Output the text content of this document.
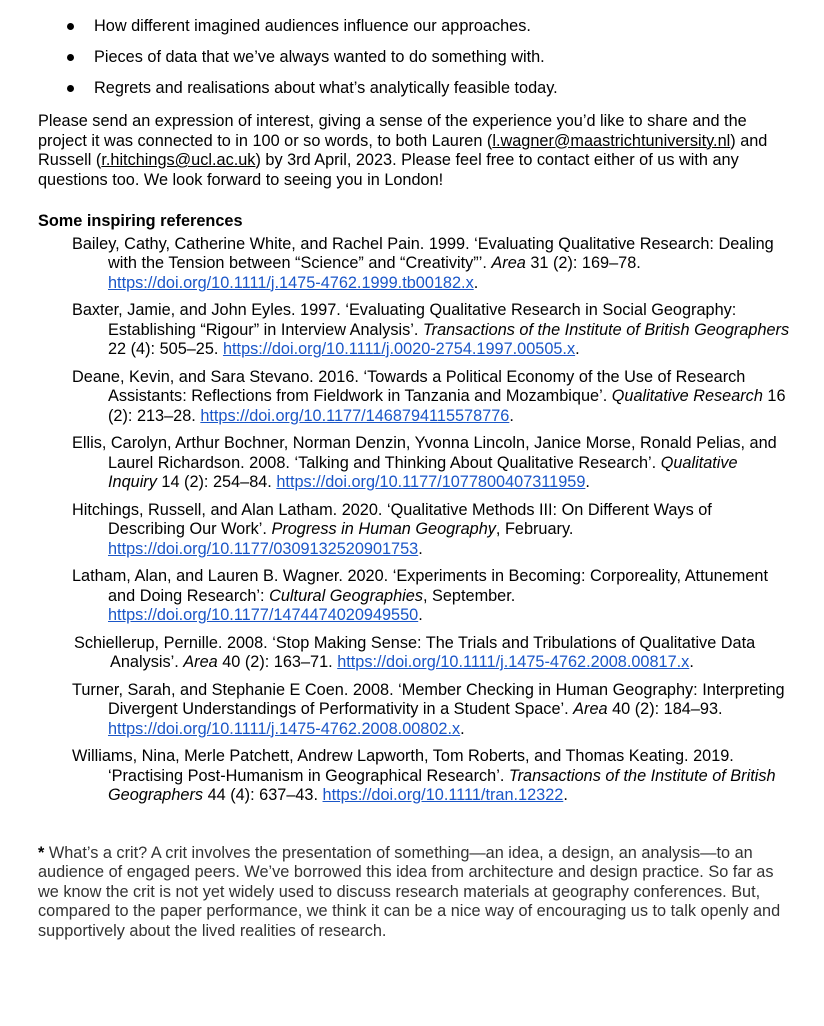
How different imagined audiences influence our approaches.
Pieces of data that we’ve always wanted to do something with.
Regrets and realisations about what’s analytically feasible today.

Please send an expression of interest, giving a sense of the experience you’d like to share and the project it was connected to in 100 or so words, to both Lauren (l.wagner@maastrichtuniversity.nl) and Russell (r.hitchings@ucl.ac.uk) by 3rd April, 2023. Please feel free to contact either of us with any questions too. We look forward to seeing you in London!

Some inspiring references

Bailey, Cathy, Catherine White, and Rachel Pain. 1999. ‘Evaluating Qualitative Research: Dealing with the Tension between “Science” and “Creativity”’. Area 31 (2): 169–78. https://doi.org/10.1111/j.1475-4762.1999.tb00182.x.

Baxter, Jamie, and John Eyles. 1997. ‘Evaluating Qualitative Research in Social Geography: Establishing “Rigour” in Interview Analysis’. Transactions of the Institute of British Geographers 22 (4): 505–25. https://doi.org/10.1111/j.0020-2754.1997.00505.x.

Deane, Kevin, and Sara Stevano. 2016. ‘Towards a Political Economy of the Use of Research Assistants: Reflections from Fieldwork in Tanzania and Mozambique’. Qualitative Research 16 (2): 213–28. https://doi.org/10.1177/1468794115578776.

Ellis, Carolyn, Arthur Bochner, Norman Denzin, Yvonna Lincoln, Janice Morse, Ronald Pelias, and Laurel Richardson. 2008. ‘Talking and Thinking About Qualitative Research’. Qualitative Inquiry 14 (2): 254–84. https://doi.org/10.1177/1077800407311959.

Hitchings, Russell, and Alan Latham. 2020. ‘Qualitative Methods III: On Different Ways of Describing Our Work’. Progress in Human Geography, February. https://doi.org/10.1177/0309132520901753.

Latham, Alan, and Lauren B. Wagner. 2020. ‘Experiments in Becoming: Corporeality, Attunement and Doing Research’: Cultural Geographies, September. https://doi.org/10.1177/1474474020949550.

Schiellerup, Pernille. 2008. ‘Stop Making Sense: The Trials and Tribulations of Qualitative Data Analysis’. Area 40 (2): 163–71. https://doi.org/10.1111/j.1475-4762.2008.00817.x.

Turner, Sarah, and Stephanie E Coen. 2008. ‘Member Checking in Human Geography: Interpreting Divergent Understandings of Performativity in a Student Space’. Area 40 (2): 184–93. https://doi.org/10.1111/j.1475-4762.2008.00802.x.

Williams, Nina, Merle Patchett, Andrew Lapworth, Tom Roberts, and Thomas Keating. 2019. ‘Practising Post-Humanism in Geographical Research’. Transactions of the Institute of British Geographers 44 (4): 637–43. https://doi.org/10.1111/tran.12322.

* What’s a crit? A crit involves the presentation of something—an idea, a design, an analysis—to an audience of engaged peers. We’ve borrowed this idea from architecture and design practice. So far as we know the crit is not yet widely used to discuss research materials at geography conferences. But, compared to the paper performance, we think it can be a nice way of encouraging us to talk openly and supportively about the lived realities of research.
